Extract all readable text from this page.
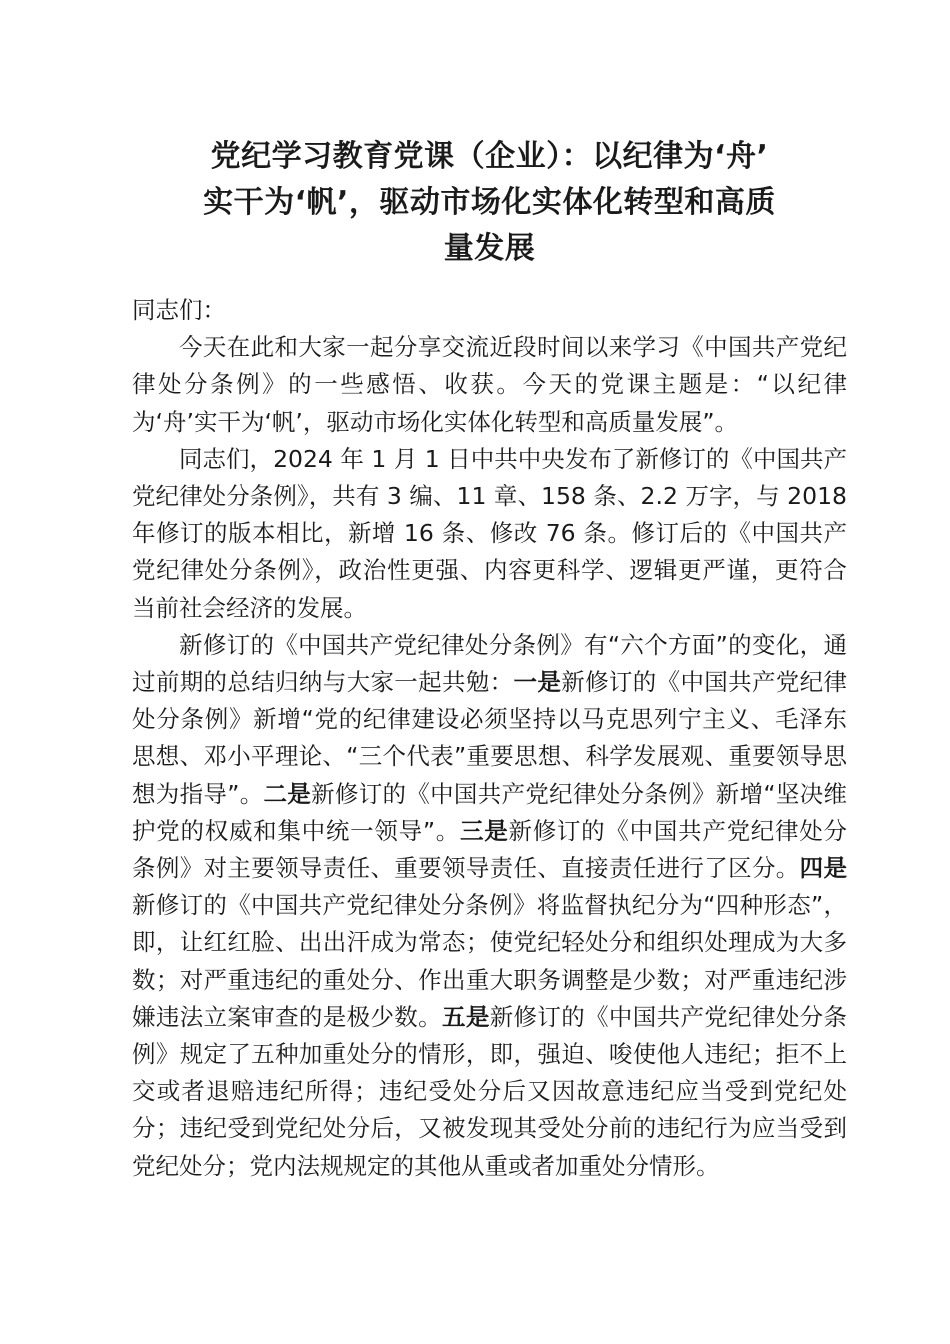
党纪学习教育党课（企业）：以纪律为‘舟’
实干为‘帆’，驱动市场化实体化转型和高质
量发展

同志们：

今天在此和大家一起分享交流近段时间以来学习《中国共产党纪律处分条例》的一些感悟、收获。今天的党课主题是：“以纪律为‘舟’实干为‘帆’，驱动市场化实体化转型和高质量发展”。

同志们，2024 年 1 月 1 日中共中央发布了新修订的《中国共产党纪律处分条例》，共有 3 编、11 章、158 条、2.2 万字，与 2018 年修订的版本相比，新增 16 条、修改 76 条。修订后的《中国共产党纪律处分条例》，政治性更强、内容更科学、逻辑更严谨，更符合当前社会经济的发展。

新修订的《中国共产党纪律处分条例》有“六个方面”的变化，通过前期的总结归纳与大家一起共勉：一是新修订的《中国共产党纪律处分条例》新增“党的纪律建设必须坚持以马克思列宁主义、毛泽东思想、邓小平理论、“三个代表”重要思想、科学发展观、重要领导思想为指导”。二是新修订的《中国共产党纪律处分条例》新增“坚决维护党的权威和集中统一领导”。三是新修订的《中国共产党纪律处分条例》对主要领导责任、重要领导责任、直接责任进行了区分。四是新修订的《中国共产党纪律处分条例》将监督执纪分为“四种形态”，即，让红红脸、出出汗成为常态；使党纪轻处分和组织处理成为大多数；对严重违纪的重处分、作出重大职务调整是少数；对严重违纪涉嫌违法立案审查的是极少数。五是新修订的《中国共产党纪律处分条例》规定了五种加重处分的情形，即，强迫、唆使他人违纪；拒不上交或者退赔违纪所得；违纪受处分后又因故意违纪应当受到党纪处分；违纪受到党纪处分后，又被发现其受处分前的违纪行为应当受到党纪处分；党内法规规定的其他从重或者加重处分情形。
